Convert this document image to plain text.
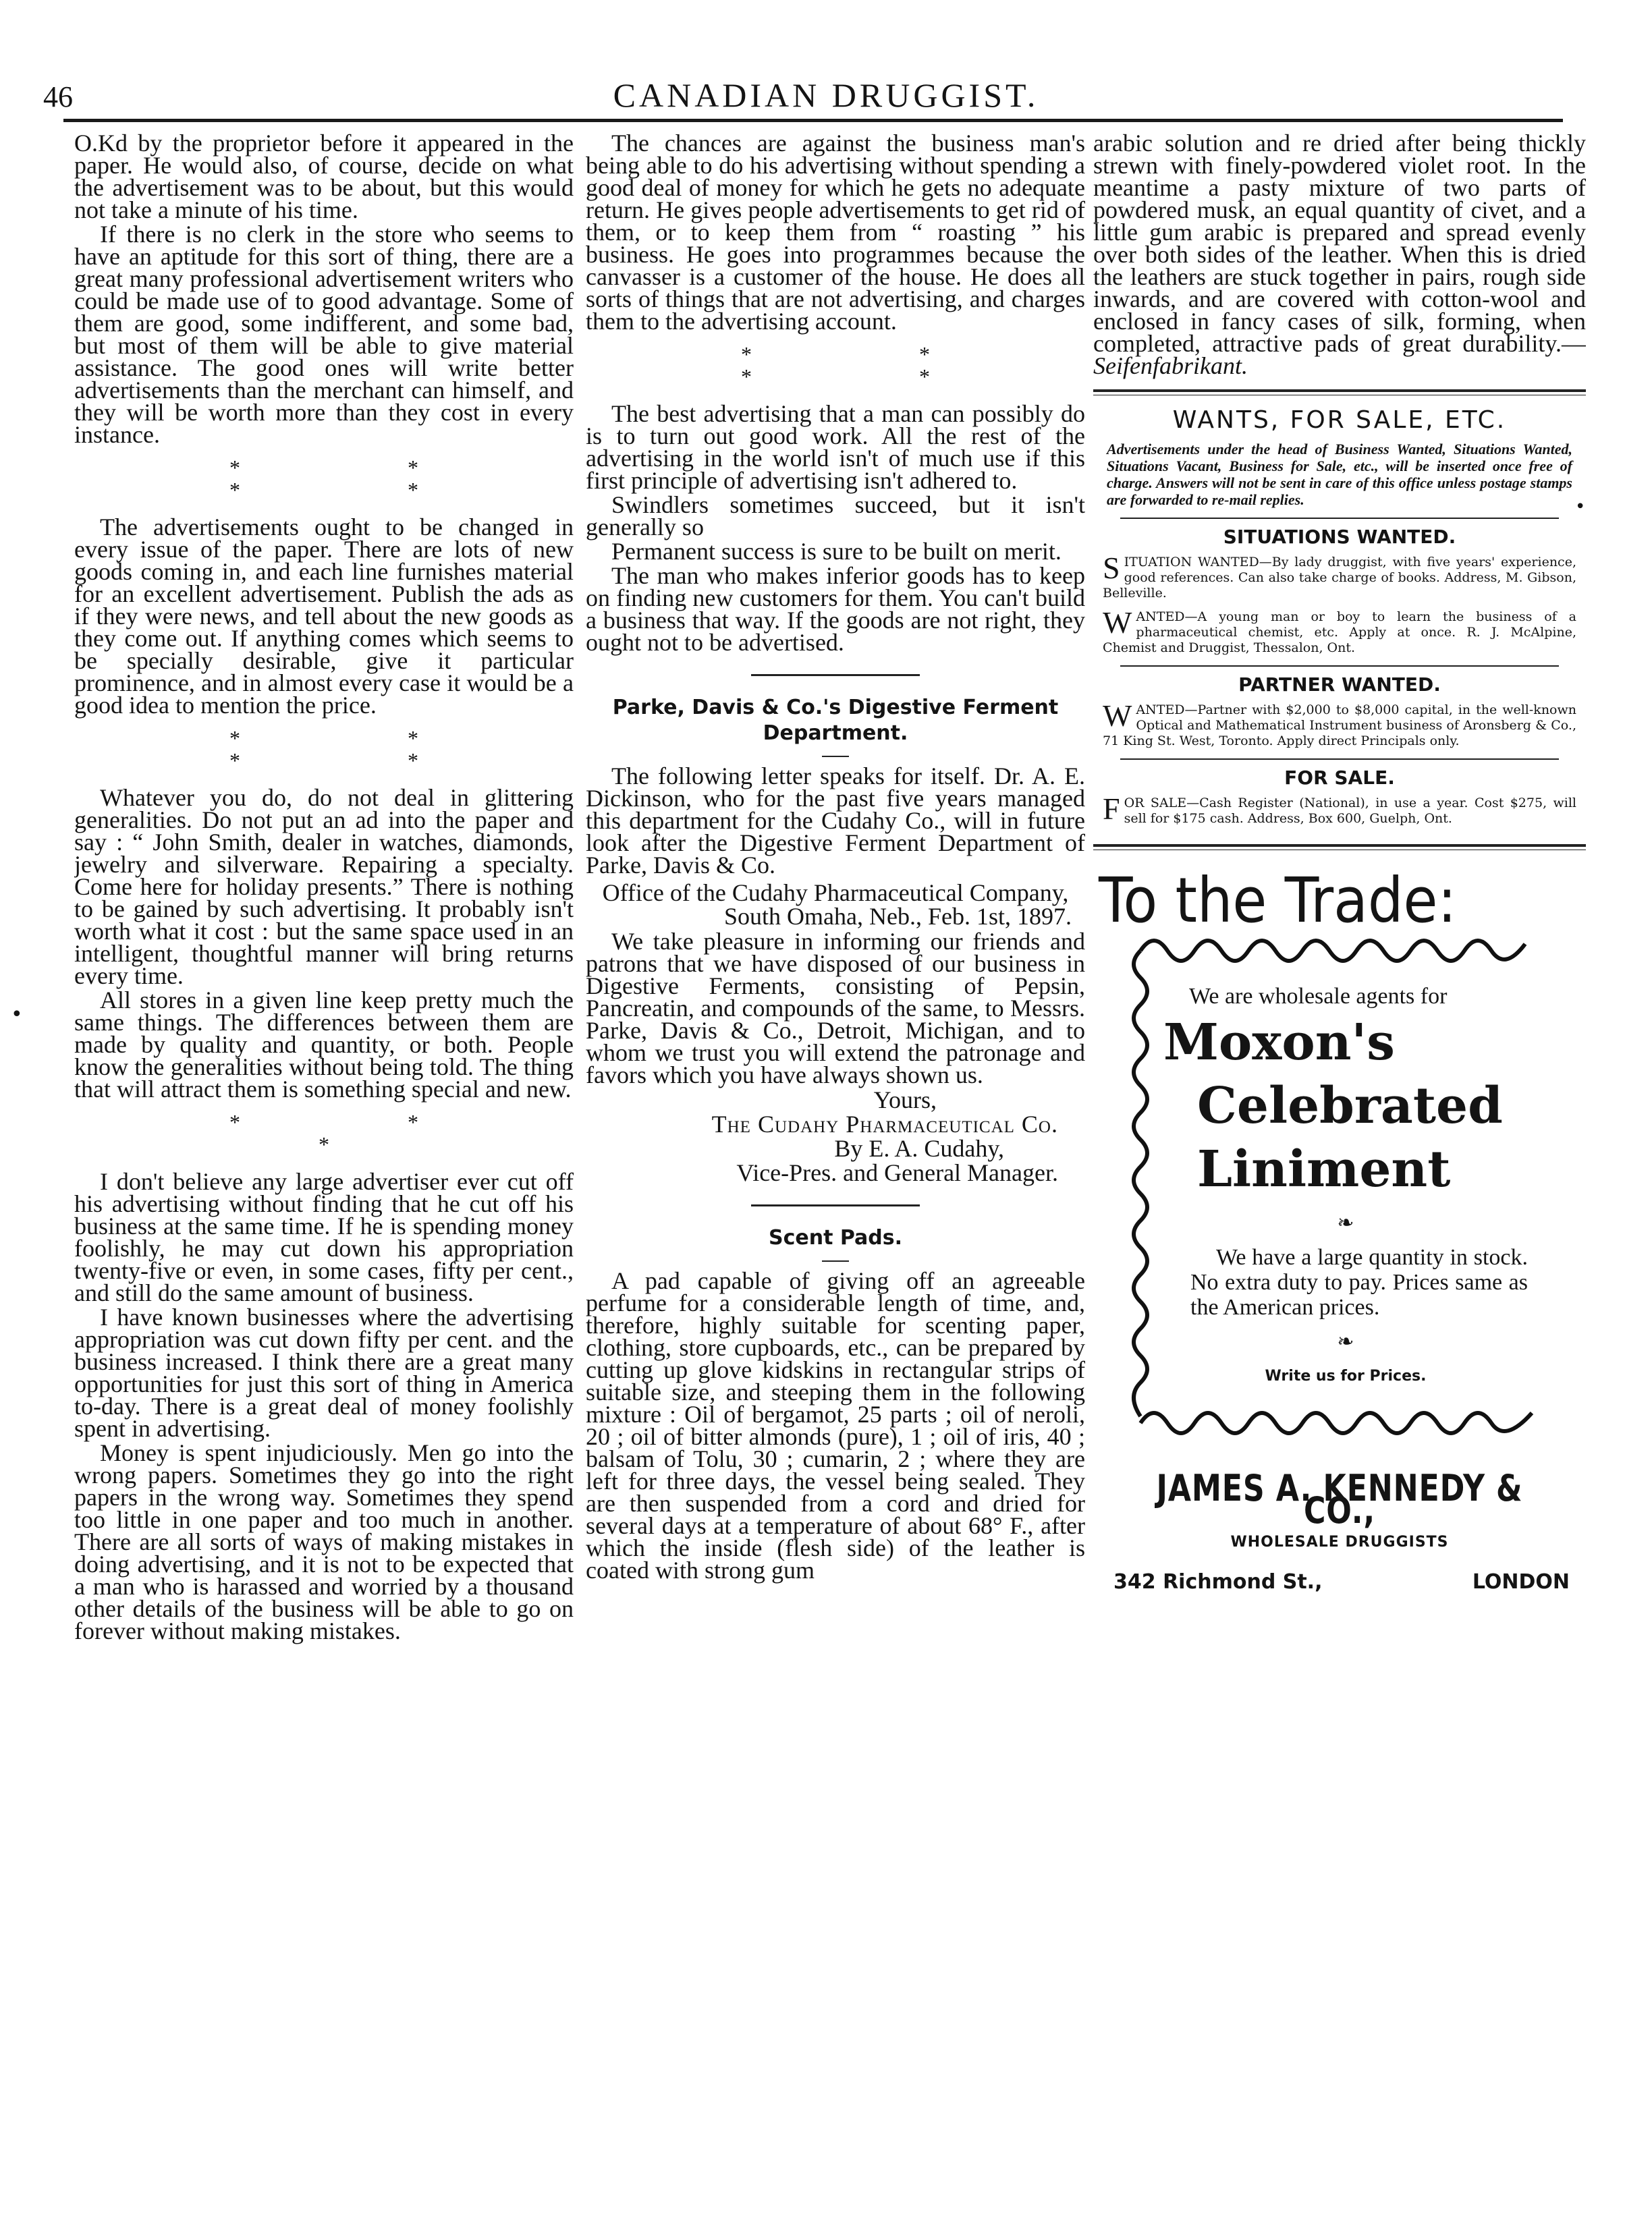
46	CANADIAN DRUGGIST.
•
•

O.Kd by the proprietor before it appeared in the paper. He would also, of course, decide on what the advertisement was to be about, but this would not take a minute of his time.

If there is no clerk in the store who seems to have an aptitude for this sort of thing, there are a great many professional advertisement writers who could be made use of to good advantage. Some of them are good, some indifferent, and some bad, but most of them will be able to give material assistance. The good ones will write better advertisements than the merchant can himself, and they will be worth more than they cost in every instance.

* * * *

The advertisements ought to be changed in every issue of the paper. There are lots of new goods coming in, and each line furnishes material for an excellent advertisement. Publish the ads as if they were news, and tell about the new goods as they come out. If anything comes which seems to be specially desirable, give it particular prominence, and in almost every case it would be a good idea to mention the price.

* * * *

Whatever you do, do not deal in glittering generalities. Do not put an ad into the paper and say : “ John Smith, dealer in watches, diamonds, jewelry and silverware. Repairing a specialty. Come here for holiday presents.” There is nothing to be gained by such advertising. It probably isn't worth what it cost : but the same space used in an intelligent, thoughtful manner will bring returns every time.

All stores in a given line keep pretty much the same things. The differences between them are made by quality and quantity, or both. People know the generalities without being told. The thing that will attract them is something special and new.

* * *

I don't believe any large advertiser ever cut off his advertising without finding that he cut off his business at the same time. If he is spending money foolishly, he may cut down his appropriation twenty-five or even, in some cases, fifty per cent., and still do the same amount of business.

I have known businesses where the advertising appropriation was cut down fifty per cent. and the business increased. I think there are a great many opportunities for just this sort of thing in America to-day. There is a great deal of money foolishly spent in advertising.

Money is spent injudiciously. Men go into the wrong papers. Sometimes they go into the right papers in the wrong way. Sometimes they spend too little in one paper and too much in another. There are all sorts of ways of making mistakes in doing advertising, and it is not to be expected that a man who is harassed and worried by a thousand other details of the business will be able to go on forever without making mistakes.

The chances are against the business man's being able to do his advertising without spending a good deal of money for which he gets no adequate return. He gives people advertisements to get rid of them, or to keep them from “ roasting ” his business. He goes into programmes because the canvasser is a customer of the house. He does all sorts of things that are not advertising, and charges them to the advertising account.

* * * *

The best advertising that a man can possibly do is to turn out good work. All the rest of the advertising in the world isn't of much use if this first principle of advertising isn't adhered to.

Swindlers sometimes succeed, but it isn't generally so

Permanent success is sure to be built on merit.

The man who makes inferior goods has to keep on finding new customers for them. You can't build a business that way. If the goods are not right, they ought not to be advertised.

Parke, Davis & Co.'s Digestive Ferment Department.

The following letter speaks for itself. Dr. A. E. Dickinson, who for the past five years managed this department for the Cudahy Co., will in future look after the Digestive Ferment Department of Parke, Davis & Co.

Office of the Cudahy Pharmaceutical Company,
South Omaha, Neb., Feb. 1st, 1897.

We take pleasure in informing our friends and patrons that we have disposed of our business in Digestive Ferments, consisting of Pepsin, Pancreatin, and compounds of the same, to Messrs. Parke, Davis & Co., Detroit, Michigan, and to whom we trust you will extend the patronage and favors which you have always shown us.

Yours,

The Cudahy Pharmaceutical Co.

By E. A. Cudahy,

Vice-Pres. and General Manager.

Scent Pads.

A pad capable of giving off an agreeable perfume for a considerable length of time, and, therefore, highly suitable for scenting paper, clothing, store cupboards, etc., can be prepared by cutting up glove kidskins in rectangular strips of suitable size, and steeping them in the following mixture : Oil of bergamot, 25 parts ; oil of neroli, 20 ; oil of bitter almonds (pure), 1 ; oil of iris, 40 ; balsam of Tolu, 30 ; cumarin, 2 ; where they are left for three days, the vessel being sealed. They are then suspended from a cord and dried for several days at a temperature of about 68° F., after which the inside (flesh side) of the leather is coated with strong gum

arabic solution and re dried after being thickly strewn with finely-powdered violet root. In the meantime a pasty mixture of two parts of powdered musk, an equal quantity of civet, and a little gum arabic is prepared and spread evenly over both sides of the leather. When this is dried the leathers are stuck together in pairs, rough side inwards, and are covered with cotton-wool and enclosed in fancy cases of silk, forming, when completed, attractive pads of great durability.—

Seifenfabrikant.
WANTS, FOR SALE, ETC.
Advertisements under the head of Business Wanted, Situations Wanted, Situations Vacant, Business for Sale, etc., will be inserted once free of charge. Answers will not be sent in care of this office unless postage stamps are forwarded to re-mail replies.
SITUATIONS WANTED.
SITUATION WANTED—By lady druggist, with five years' experience, good references. Can also take charge of books. Address, M. Gibson, Belleville.
WANTED—A young man or boy to learn the business of a pharmaceutical chemist, etc. Apply at once. R. J. McAlpine, Chemist and Druggist, Thessalon, Ont.
PARTNER WANTED.
WANTED—Partner with $2,000 to $8,000 capital, in the well-known Optical and Mathematical Instrument business of Aronsberg & Co., 71 King St. West, Toronto. Apply direct Principals only.
FOR SALE.
FOR SALE—Cash Register (National), in use a year. Cost $275, will sell for $175 cash. Address, Box 600, Guelph, Ont.
To the Trade:

We are wholesale agents for

Moxon's
Celebrated
Liniment
❧

We have a large quantity in stock. No extra duty to pay. Prices same as the American prices.

❧
Write us for Prices.
JAMES A. KENNEDY & CO.,
WHOLESALE DRUGGISTS
342 Richmond St.,	LONDON
